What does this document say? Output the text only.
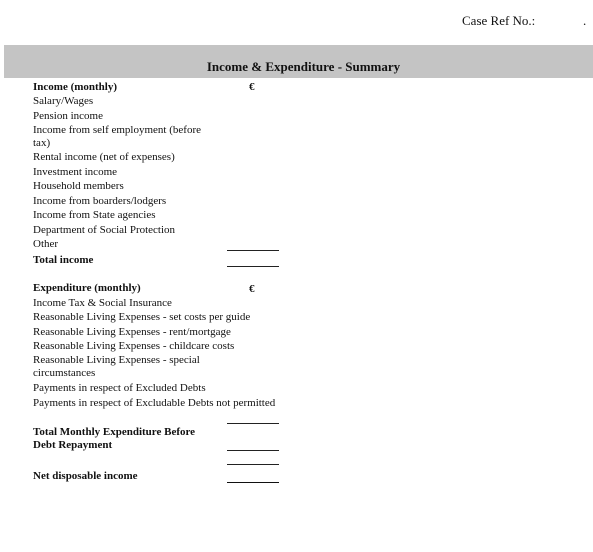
Case Ref No.:	.
Income & Expenditure - Summary
Income (monthly)	€
Salary/Wages
Pension income
Income from self employment (before tax)
Rental income (net of expenses)
Investment income
Household members
Income from boarders/lodgers
Income from State agencies
Department of Social Protection
Other
Total income
Expenditure (monthly)	€
Income Tax & Social Insurance
Reasonable Living Expenses - set costs per guide
Reasonable Living Expenses - rent/mortgage
Reasonable Living Expenses - childcare costs
Reasonable Living Expenses - special circumstances
Payments in respect of Excluded Debts
Payments in respect of Excludable Debts not permitted
Total Monthly Expenditure Before Debt Repayment
Net disposable income
